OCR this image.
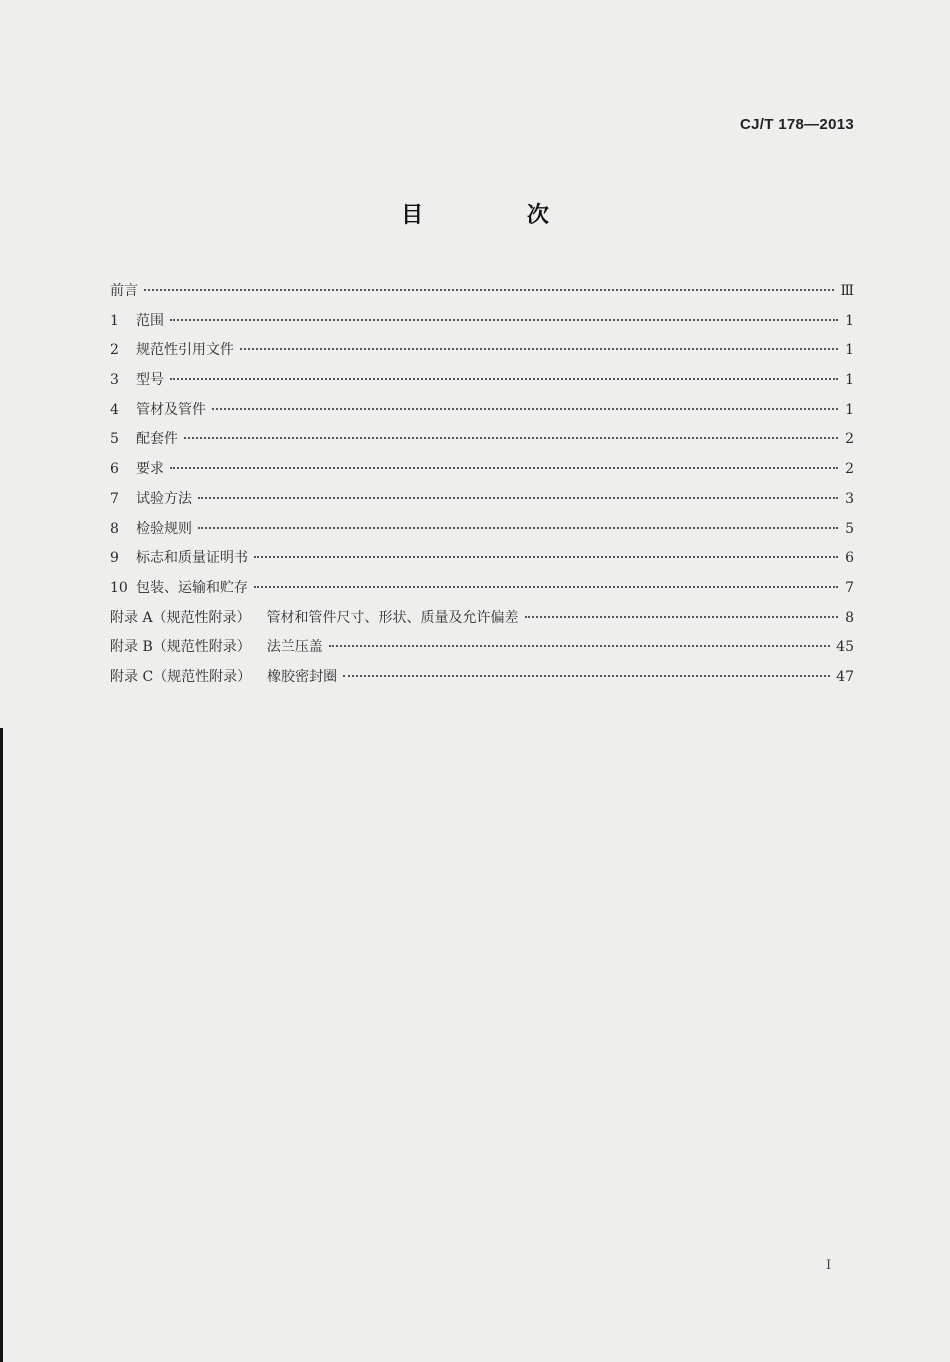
CJ/T 178—2013
目 次
前言	Ⅲ
1	范围	1
2	规范性引用文件	1
3	型号	1
4	管材及管件	1
5	配套件	2
6	要求	2
7	试验方法	3
8	检验规则	5
9	标志和质量证明书	6
10 包装、运输和贮存	7
附录 A（规范性附录） 管材和管件尺寸、形状、质量及允许偏差	8
附录 B（规范性附录） 法兰压盖	45
附录 C（规范性附录） 橡胶密封圈	47
I
